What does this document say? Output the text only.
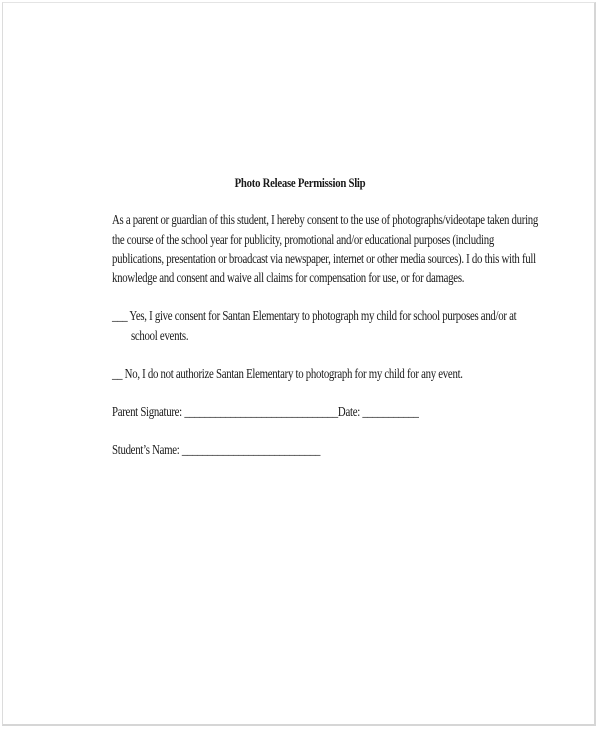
Photo Release Permission Slip
As a parent or guardian of this student, I hereby consent to the use of photographs/videotape taken during
the course of the school year for publicity, promotional and/or educational purposes (including
publications, presentation or broadcast via newspaper, internet or other media sources). I do this with full
knowledge and consent and waive all claims for compensation for use, or for damages.
___ Yes, I give consent for Santan Elementary to photograph my child for school purposes and/or at
school events.
__ No, I do not authorize Santan Elementary to photograph for my child for any event.
Parent Signature: ______________________________Date: ___________
Student’s Name: ___________________________
